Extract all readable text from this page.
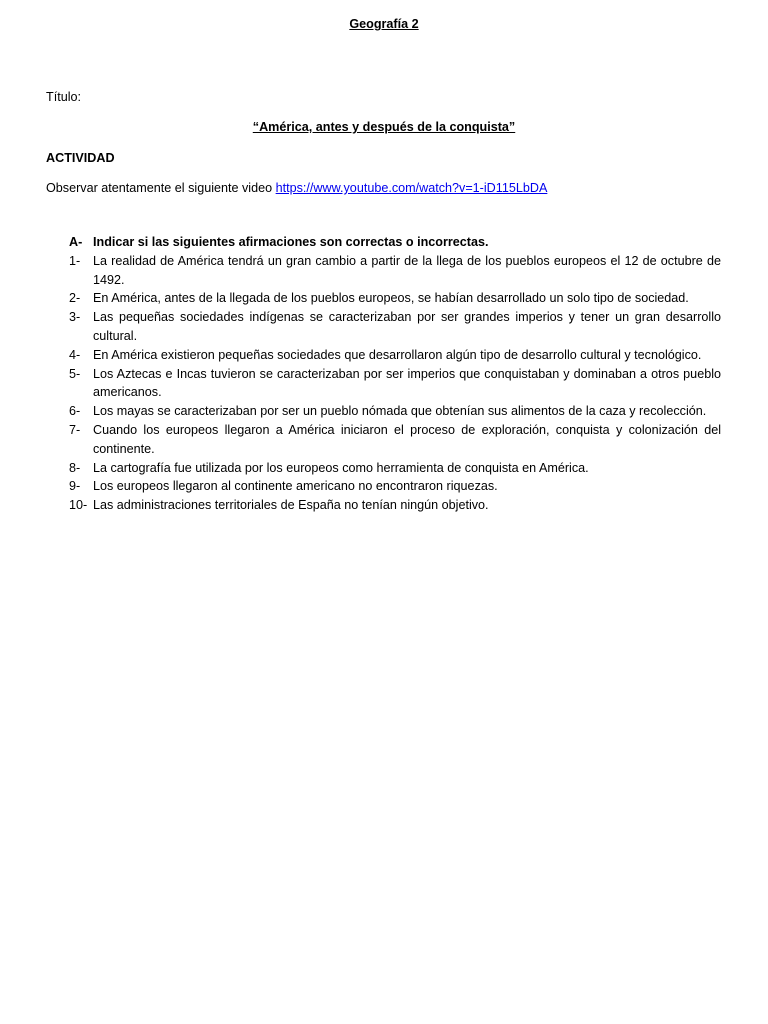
Geografía 2
Título:
“América, antes y después de la conquista”
ACTIVIDAD
Observar atentamente el siguiente video https://www.youtube.com/watch?v=1-iD115LbDA
A- Indicar si las siguientes afirmaciones son correctas o incorrectas.
1- La realidad de América tendrá un gran cambio a partir de la llega de los pueblos europeos el 12 de octubre de 1492.
2- En América, antes de la llegada de los pueblos europeos, se habían desarrollado un solo tipo de sociedad.
3- Las pequeñas sociedades indígenas se caracterizaban por ser grandes imperios y tener un gran desarrollo cultural.
4- En América existieron pequeñas sociedades que desarrollaron algún tipo de desarrollo cultural y tecnológico.
5- Los Aztecas e Incas tuvieron se caracterizaban por ser imperios que conquistaban y dominaban a otros pueblo americanos.
6- Los mayas se caracterizaban por ser un pueblo nómada que obtenían sus alimentos de la caza y recolección.
7- Cuando los europeos llegaron a América iniciaron el proceso de exploración, conquista y colonización del continente.
8- La cartografía fue utilizada por los europeos como herramienta de conquista en América.
9- Los europeos llegaron al continente americano no encontraron riquezas.
10- Las administraciones territoriales de España no tenían ningún objetivo.
